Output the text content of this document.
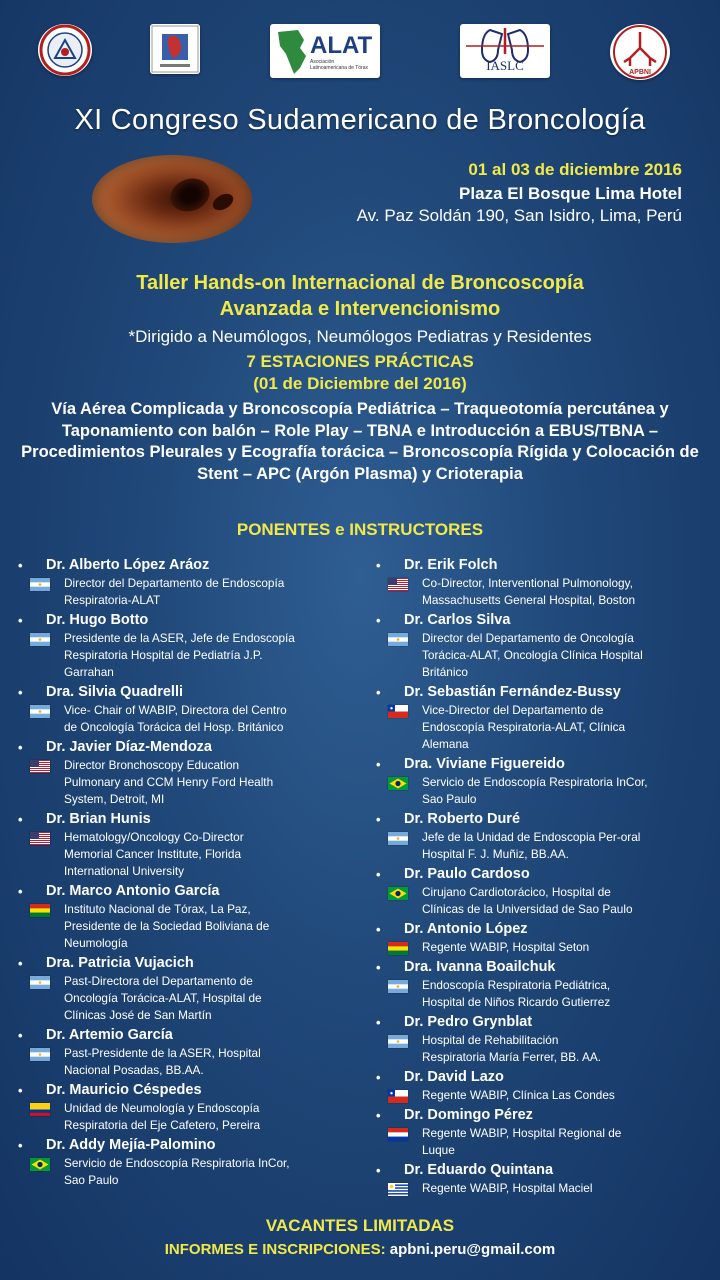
ALAT
Asociación Latinoamericana de Tórax	IASLC	APBNI
XI Congreso Sudamericano de Broncología
01 al 03 de diciembre 2016
Plaza El Bosque Lima Hotel
Av. Paz Soldán 190, San Isidro, Lima, Perú
Taller Hands-on Internacional de Broncoscopía
Avanzada e Intervencionismo
*Dirigido a Neumólogos, Neumólogos Pediatras y Residentes
7 ESTACIONES PRÁCTICAS
(01 de Diciembre del 2016)
Vía Aérea Complicada y Broncoscopía Pediátrica – Traqueotomía percutánea y Taponamiento con balón – Role Play – TBNA e Introducción a EBUS/TBNA – Procedimientos Pleurales y Ecografía torácica – Broncoscopía Rígida y Colocación de Stent – APC (Argón Plasma) y Crioterapia
PONENTES e INSTRUCTORES
• Dr. Alberto López Aráoz
Director del Departamento de Endoscopía
Respiratoria-ALAT
• Dr. Hugo Botto
Presidente de la ASER, Jefe de Endoscopía
Respiratoria Hospital de Pediatría J.P.
Garrahan
• Dra. Silvia Quadrelli
Vice- Chair of WABIP, Directora del Centro
de Oncología Torácica del Hosp. Británico
• Dr. Javier Díaz-Mendoza
Director Bronchoscopy Education
Pulmonary and CCM Henry Ford Health
System, Detroit, MI
• Dr. Brian Hunis
Hematology/Oncology Co-Director
Memorial Cancer Institute, Florida
International University
• Dr. Marco Antonio García
Instituto Nacional de Tórax, La Paz,
Presidente de la Sociedad Boliviana de
Neumología
• Dra. Patricia Vujacich
Past-Directora del Departamento de
Oncología Torácica-ALAT, Hospital de
Clínicas José de San Martín
• Dr. Artemio García
Past-Presidente de la ASER, Hospital
Nacional Posadas, BB.AA.
• Dr. Mauricio Céspedes
Unidad de Neumología y Endoscopía
Respiratoria del Eje Cafetero, Pereira
• Dr. Addy Mejía-Palomino
Servicio de Endoscopía Respiratoria InCor,
Sao Paulo
• Dr. Erik Folch
Co-Director, Interventional Pulmonology,
Massachusetts General Hospital, Boston
• Dr. Carlos Silva
Director del Departamento de Oncología
Torácica-ALAT, Oncología Clínica Hospital
Británico
• Dr. Sebastián Fernández-Bussy
Vice-Director del Departamento de
Endoscopía Respiratoria-ALAT, Clínica
Alemana
• Dra. Viviane Figuereido
Servicio de Endoscopía Respiratoria InCor,
Sao Paulo
• Dr. Roberto Duré
Jefe de la Unidad de Endoscopia Per-oral
Hospital F. J. Muñiz, BB.AA.
• Dr. Paulo Cardoso
Cirujano Cardiotorácico, Hospital de
Clínicas de la Universidad de Sao Paulo
• Dr. Antonio López
Regente WABIP, Hospital Seton
• Dra. Ivanna Boailchuk
Endoscopía Respiratoria Pediátrica,
Hospital de Niños Ricardo Gutierrez
• Dr. Pedro Grynblat
Hospital de Rehabilitación
Respiratoria María Ferrer, BB. AA.
• Dr. David Lazo
Regente WABIP, Clínica Las Condes
• Dr. Domingo Pérez
Regente WABIP, Hospital Regional de
Luque
• Dr. Eduardo Quintana
Regente WABIP, Hospital Maciel
VACANTES LIMITADAS
INFORMES E INSCRIPCIONES: apbni.peru@gmail.com
